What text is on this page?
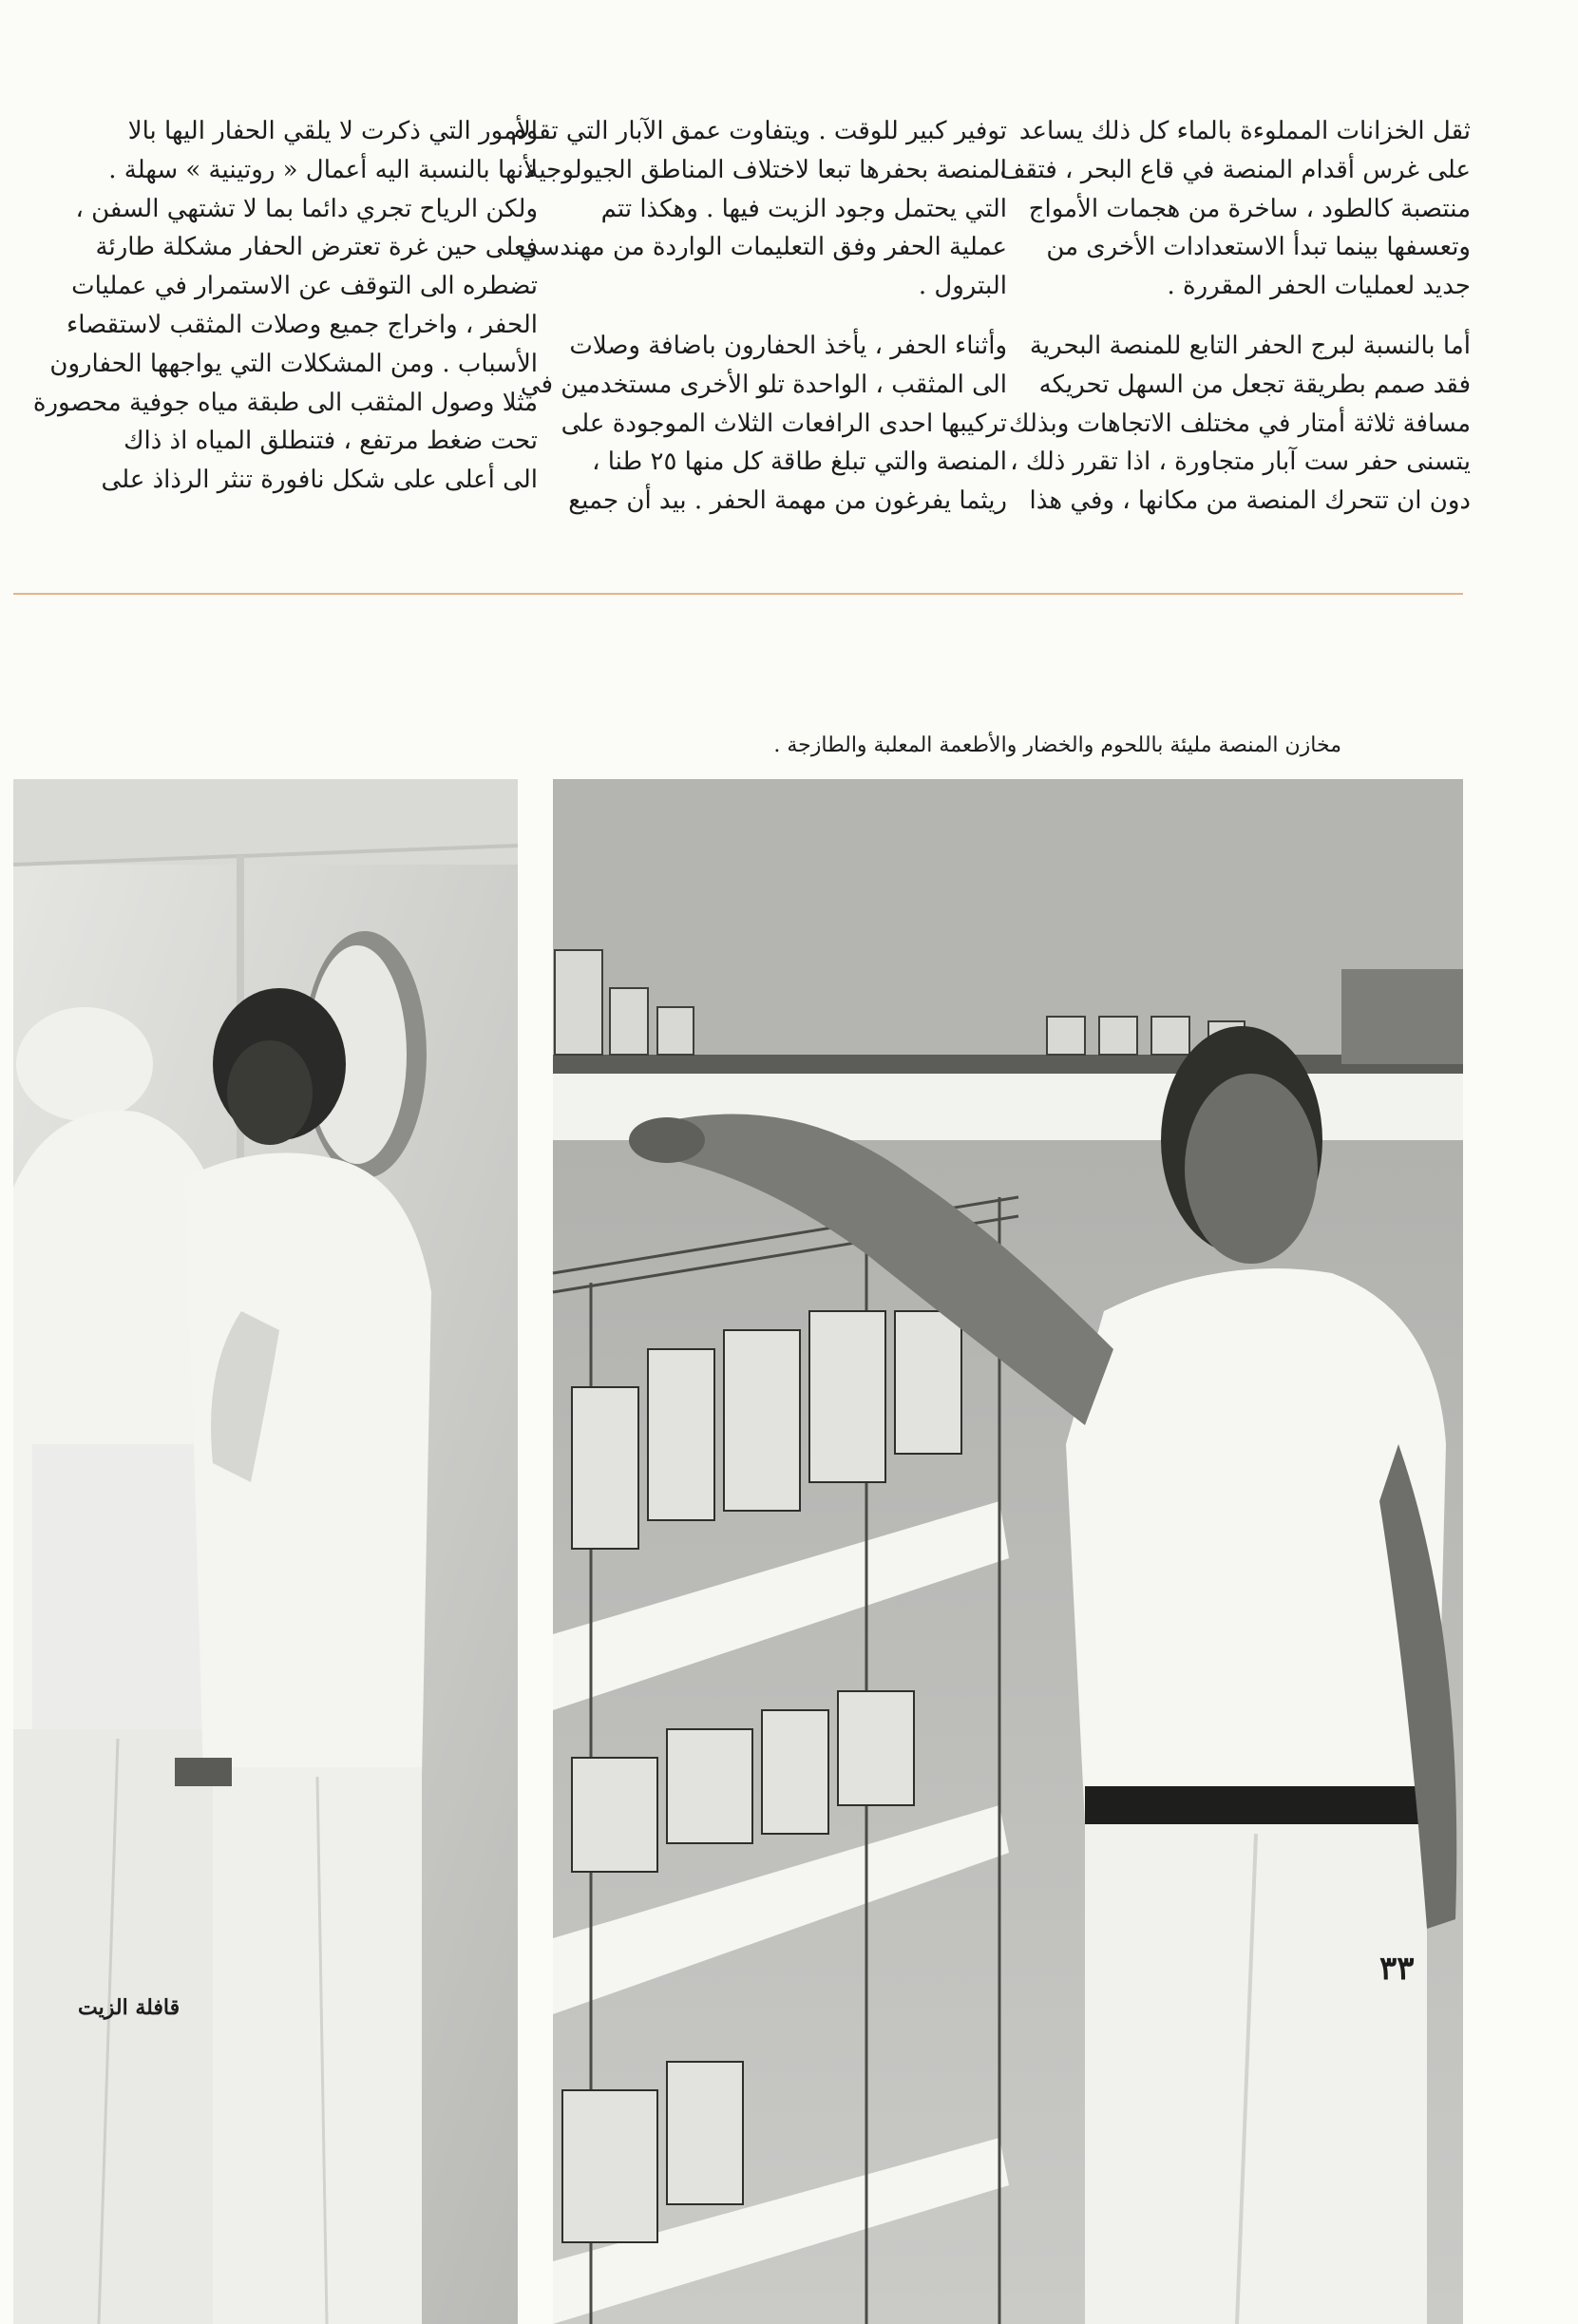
ثقل الخزانات المملوءة بالماء كل ذلك يساعد
على غرس أقدام المنصة في قاع البحر ، فتقف
منتصبة كالطود ، ساخرة من هجمات الأمواج
وتعسفها بينما تبدأ الاستعدادات الأخرى من
جديد لعمليات الحفر المقررة .

أما بالنسبة لبرج الحفر التابع للمنصة البحرية
فقد صمم بطريقة تجعل من السهل تحريكه
مسافة ثلاثة أمتار في مختلف الاتجاهات وبذلك
يتسنى حفر ست آبار متجاورة ، اذا تقرر ذلك ،
دون ان تتحرك المنصة من مكانها ، وفي هذا

توفير كبير للوقت . ويتفاوت عمق الآبار التي تقوم
المنصة بحفرها تبعا لاختلاف المناطق الجيولوجية
التي يحتمل وجود الزيت فيها . وهكذا تتم
عملية الحفر وفق التعليمات الواردة من مهندسي
البترول .

وأثناء الحفر ، يأخذ الحفارون باضافة وصلات
الى المثقب ، الواحدة تلو الأخرى مستخدمين في
تركيبها احدى الرافعات الثلاث الموجودة على
المنصة والتي تبلغ طاقة كل منها ٢٥ طنا ،
ريثما يفرغون من مهمة الحفر . بيد أن جميع

الأمور التي ذكرت لا يلقي الحفار اليها بالا
لأنها بالنسبة اليه أعمال « روتينية » سهلة .
ولكن الرياح تجري دائما بما لا تشتهي السفن ،
فعلى حين غرة تعترض الحفار مشكلة طارئة
تضطره الى التوقف عن الاستمرار في عمليات
الحفر ، واخراج جميع وصلات المثقب لاستقصاء
الأسباب . ومن المشكلات التي يواجهها الحفارون
مثلا وصول المثقب الى طبقة مياه جوفية محصورة
تحت ضغط مرتفع ، فتنطلق المياه اذ ذاك
الى أعلى على شكل نافورة تنثر الرذاذ على

مخازن المنصة مليئة باللحوم والخضار والأطعمة المعلبة والطازجة .
٣٣
قافلة الزيت
